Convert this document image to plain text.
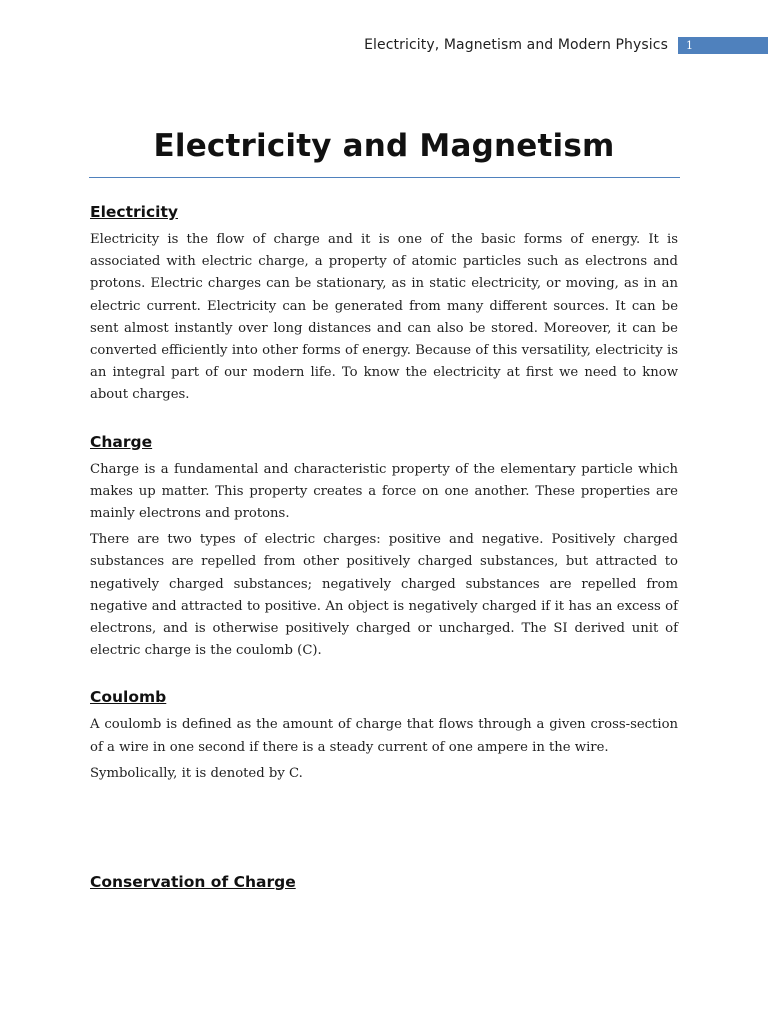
Electricity, Magnetism and Modern Physics	1
Electricity and Magnetism
Electricity

Electricity is the flow of charge and it is one of the basic forms of energy. It is associated with electric charge, a property of atomic particles such as electrons and protons. Electric charges can be stationary, as in static electricity, or moving, as in an electric current. Electricity can be generated from many different sources. It can be sent almost instantly over long distances and can also be stored. Moreover, it can be converted efficiently into other forms of energy. Because of this versatility, electricity is an integral part of our modern life. To know the electricity at first we need to know about charges.

Charge

Charge is a fundamental and characteristic property of the elementary particle which makes up matter. This property creates a force on one another. These properties are mainly electrons and protons.

There are two types of electric charges: positive and negative. Positively charged substances are repelled from other positively charged substances, but attracted to negatively charged substances; negatively charged substances are repelled from negative and attracted to positive. An object is negatively charged if it has an excess of electrons, and is otherwise positively charged or uncharged. The SI derived unit of electric charge is the coulomb (C).

Coulomb

A coulomb is defined as the amount of charge that flows through a given cross-section of a wire in one second if there is a steady current of one ampere in the wire.

Symbolically, it is denoted by C.

Conservation of Charge
